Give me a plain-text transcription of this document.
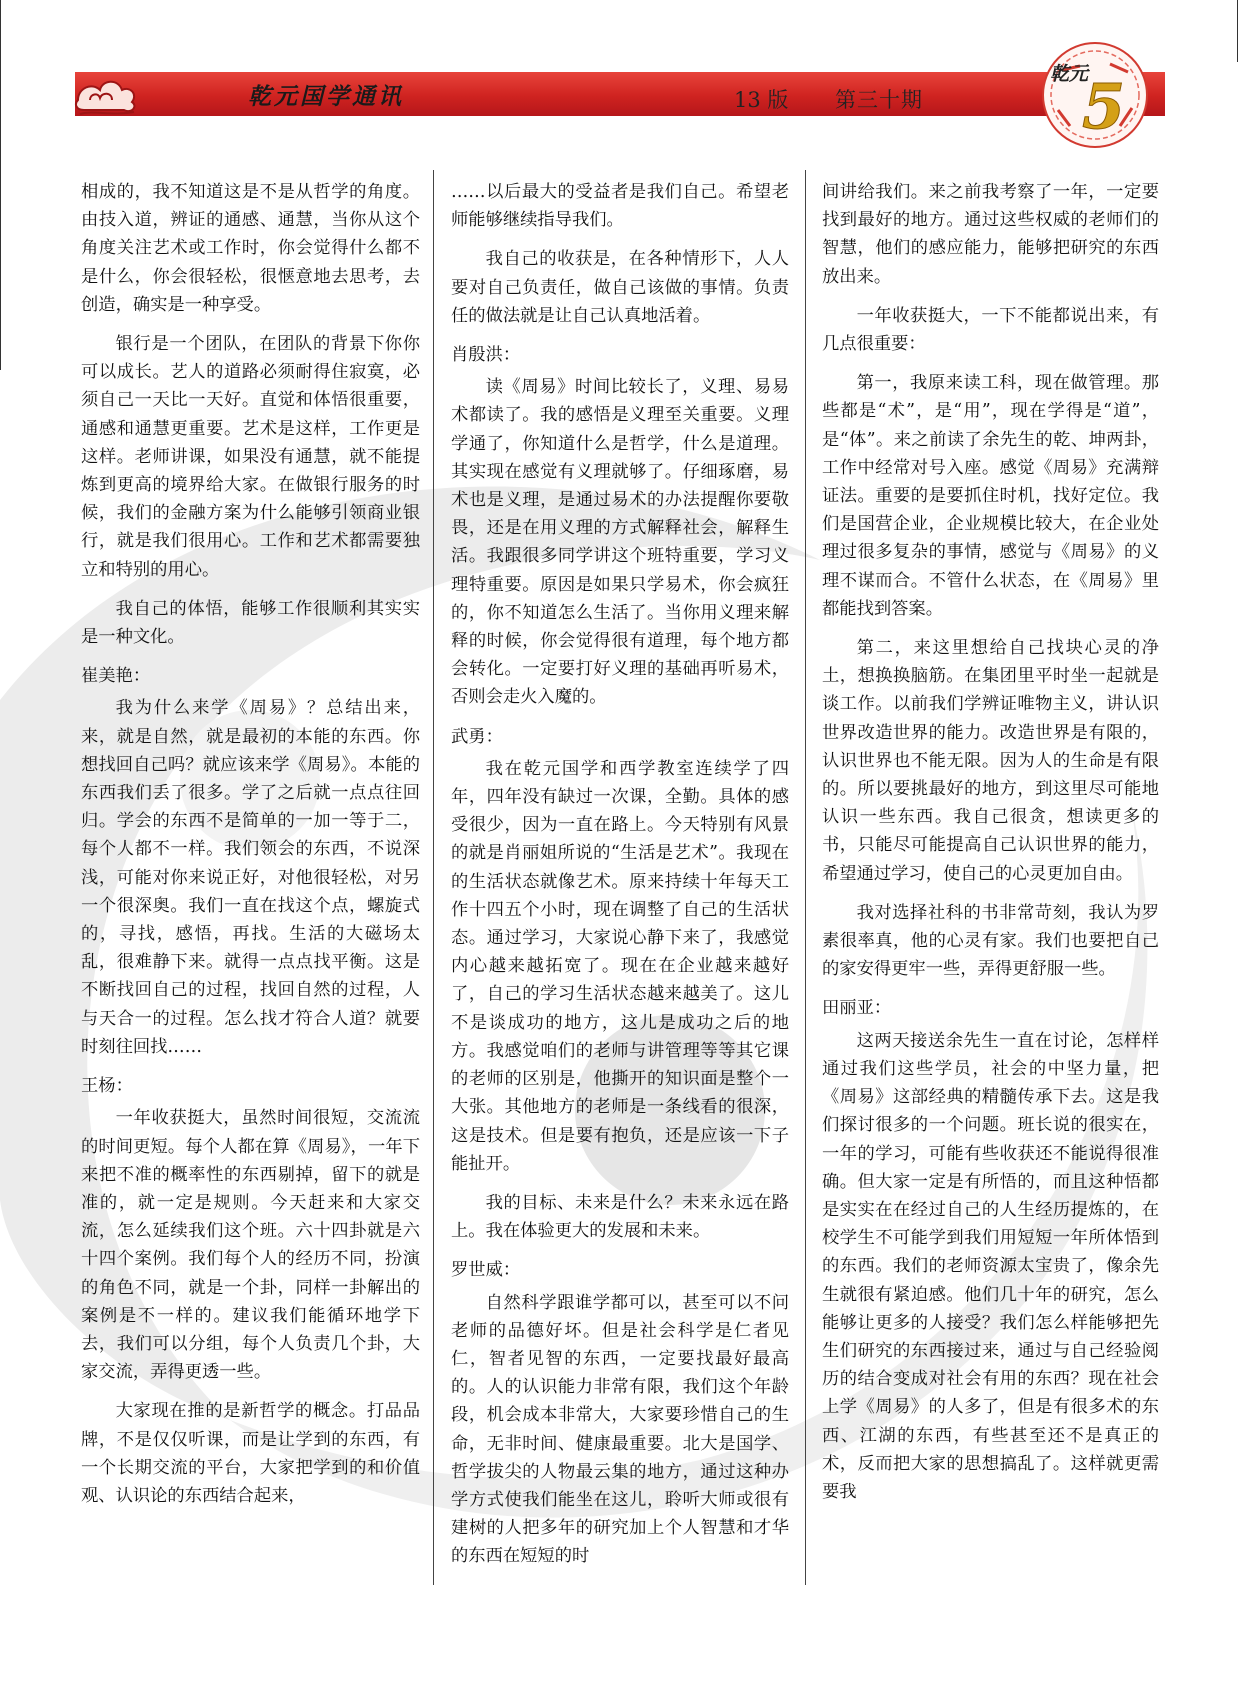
乾元国学通讯	13 版 第三十期
乾元
5

相成的，我不知道这是不是从哲学的角度。由技入道，辨证的通感、通慧，当你从这个角度关注艺术或工作时，你会觉得什么都不是什么，你会很轻松，很惬意地去思考，去创造，确实是一种享受。

银行是一个团队，在团队的背景下你你可以成长。艺人的道路必须耐得住寂寞，必须自己一天比一天好。直觉和体悟很重要，通感和通慧更重要。艺术是这样，工作更是这样。老师讲课，如果没有通慧，就不能提炼到更高的境界给大家。在做银行服务的时候，我们的金融方案为什么能够引领商业银行，就是我们很用心。工作和艺术都需要独立和特别的用心。

我自己的体悟，能够工作很顺利其实实是一种文化。

崔美艳：

我为什么来学《周易》？总结出来，来，就是自然，就是最初的本能的东西。你想找回自己吗？就应该来学《周易》。本能的东西我们丢了很多。学了之后就一点点往回归。学会的东西不是简单的一加一等于二，每个人都不一样。我们领会的东西，不说深浅，可能对你来说正好，对他很轻松，对另一个很深奥。我们一直在找这个点，螺旋式的，寻找，感悟，再找。生活的大磁场太乱，很难静下来。就得一点点找平衡。这是不断找回自己的过程，找回自然的过程，人与天合一的过程。怎么找才符合人道？就要时刻往回找……

王杨：

一年收获挺大，虽然时间很短，交流流的时间更短。每个人都在算《周易》，一年下来把不准的概率性的东西剔掉，留下的就是准的，就一定是规则。今天赶来和大家交流，怎么延续我们这个班。六十四卦就是六十四个案例。我们每个人的经历不同，扮演的角色不同，就是一个卦，同样一卦解出的案例是不一样的。建议我们能循环地学下去，我们可以分组，每个人负责几个卦，大家交流，弄得更透一些。

大家现在推的是新哲学的概念。打品品牌，不是仅仅听课，而是让学到的东西，有一个长期交流的平台，大家把学到的和价值观、认识论的东西结合起来，

……以后最大的受益者是我们自己。希望老师能够继续指导我们。

我自己的收获是，在各种情形下，人人要对自己负责任，做自己该做的事情。负责任的做法就是让自己认真地活着。

肖殷洪：

读《周易》时间比较长了，义理、易易术都读了。我的感悟是义理至关重要。义理学通了，你知道什么是哲学，什么是道理。其实现在感觉有义理就够了。仔细琢磨，易术也是义理，是通过易术的办法提醒你要敬畏，还是在用义理的方式解释社会，解释生活。我跟很多同学讲这个班特重要，学习义理特重要。原因是如果只学易术，你会疯狂的，你不知道怎么生活了。当你用义理来解释的时候，你会觉得很有道理，每个地方都会转化。一定要打好义理的基础再听易术，否则会走火入魔的。

武勇：

我在乾元国学和西学教室连续学了四年，四年没有缺过一次课，全勤。具体的感受很少，因为一直在路上。今天特别有风景的就是肖丽姐所说的“生活是艺术”。我现在的生活状态就像艺术。原来持续十年每天工作十四五个小时，现在调整了自己的生活状态。通过学习，大家说心静下来了，我感觉内心越来越拓宽了。现在在企业越来越好了，自己的学习生活状态越来越美了。这儿不是谈成功的地方，这儿是成功之后的地方。我感觉咱们的老师与讲管理等等其它课的老师的区别是，他撕开的知识面是整个一大张。其他地方的老师是一条线看的很深，这是技术。但是要有抱负，还是应该一下子能扯开。

我的目标、未来是什么？未来永远在路上。我在体验更大的发展和未来。

罗世威：

自然科学跟谁学都可以，甚至可以不问老师的品德好坏。但是社会科学是仁者见仁，智者见智的东西，一定要找最好最高的。人的认识能力非常有限，我们这个年龄段，机会成本非常大，大家要珍惜自己的生命，无非时间、健康最重要。北大是国学、哲学拔尖的人物最云集的地方，通过这种办学方式使我们能坐在这儿，聆听大师或很有建树的人把多年的研究加上个人智慧和才华的东西在短短的时

间讲给我们。来之前我考察了一年，一定要找到最好的地方。通过这些权威的老师们的智慧，他们的感应能力，能够把研究的东西放出来。

一年收获挺大，一下不能都说出来，有几点很重要：

第一，我原来读工科，现在做管理。那些都是“术”，是“用”，现在学得是“道”，是“体”。来之前读了余先生的乾、坤两卦，工作中经常对号入座。感觉《周易》充满辩证法。重要的是要抓住时机，找好定位。我们是国营企业，企业规模比较大，在企业处理过很多复杂的事情，感觉与《周易》的义理不谋而合。不管什么状态，在《周易》里都能找到答案。

第二，来这里想给自己找块心灵的净土，想换换脑筋。在集团里平时坐一起就是谈工作。以前我们学辨证唯物主义，讲认识世界改造世界的能力。改造世界是有限的，认识世界也不能无限。因为人的生命是有限的。所以要挑最好的地方，到这里尽可能地认识一些东西。我自己很贪，想读更多的书，只能尽可能提高自己认识世界的能力，希望通过学习，使自己的心灵更加自由。

我对选择社科的书非常苛刻，我认为罗素很率真，他的心灵有家。我们也要把自己的家安得更牢一些，弄得更舒服一些。

田丽亚：

这两天接送余先生一直在讨论，怎样样通过我们这些学员，社会的中坚力量，把《周易》这部经典的精髓传承下去。这是我们探讨很多的一个问题。班长说的很实在，一年的学习，可能有些收获还不能说得很准确。但大家一定是有所悟的，而且这种悟都是实实在在经过自己的人生经历提炼的，在校学生不可能学到我们用短短一年所体悟到的东西。我们的老师资源太宝贵了，像余先生就很有紧迫感。他们几十年的研究，怎么能够让更多的人接受？我们怎么样能够把先生们研究的东西接过来，通过与自己经验阅历的结合变成对社会有用的东西？现在社会上学《周易》的人多了，但是有很多术的东西、江湖的东西，有些甚至还不是真正的术，反而把大家的思想搞乱了。这样就更需要我
